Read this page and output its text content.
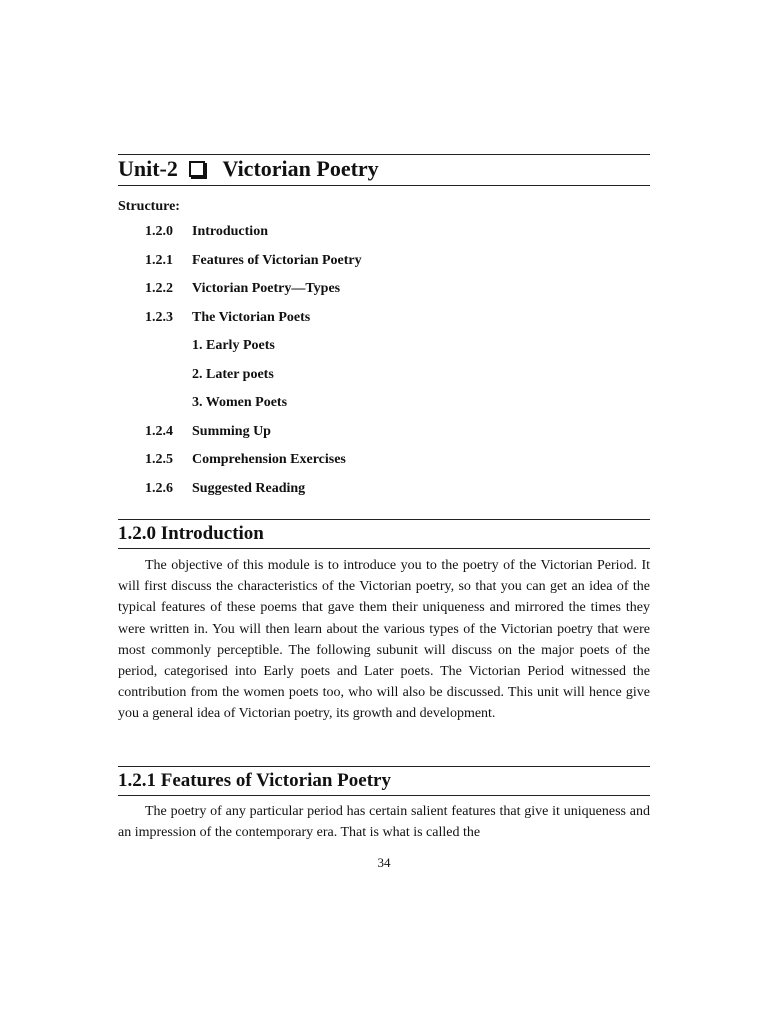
Unit-2 Victorian Poetry
Structure:
1.2.0 Introduction
1.2.1 Features of Victorian Poetry
1.2.2 Victorian Poetry—Types
1.2.3 The Victorian Poets
1. Early Poets
2. Later poets
3. Women Poets
1.2.4 Summing Up
1.2.5 Comprehension Exercises
1.2.6 Suggested Reading
1.2.0 Introduction

The objective of this module is to introduce you to the poetry of the Victorian Period. It will first discuss the characteristics of the Victorian poetry, so that you can get an idea of the typical features of these poems that gave them their uniqueness and mirrored the times they were written in. You will then learn about the various types of the Victorian poetry that were most commonly perceptible. The following subunit will discuss on the major poets of the period, categorised into Early poets and Later poets. The Victorian Period witnessed the contribution from the women poets too, who will also be discussed. This unit will hence give you a general idea of Victorian poetry, its growth and development.

1.2.1 Features of Victorian Poetry

The poetry of any particular period has certain salient features that give it uniqueness and an impression of the contemporary era. That is what is called the

34
